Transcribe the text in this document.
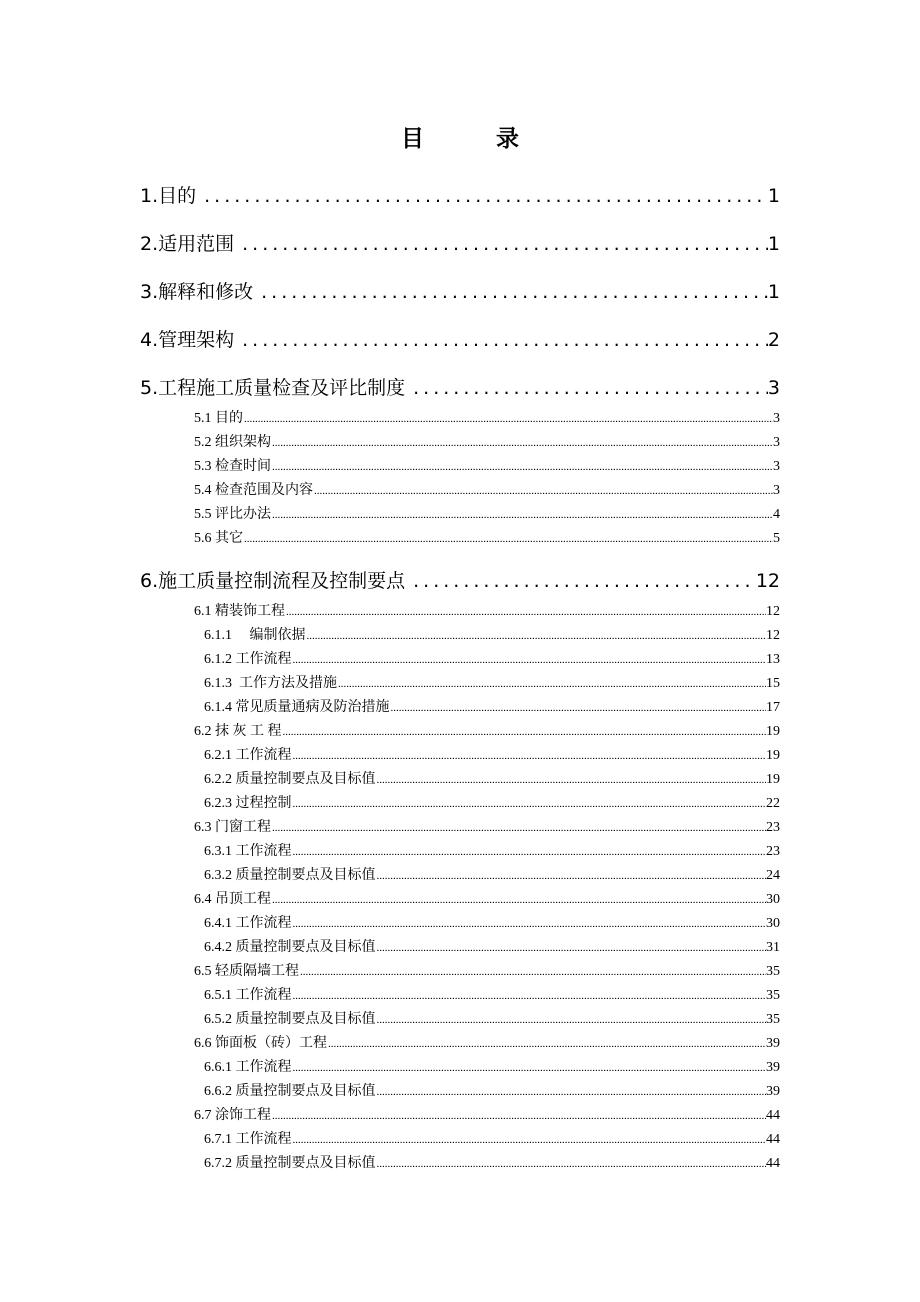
目录
1.目的 .....	1
2.适用范围 .....	1
3.解释和修改 .....	1
4.管理架构 .....	2
5.工程施工质量检查及评比制度 .....	3
5.1 目的 .....	3
5.2 组织架构 .....	3
5.3 检查时间 .....	3
5.4 检查范围及内容 .....	3
5.5 评比办法 .....	4
5.6 其它 .....	5
6.施工质量控制流程及控制要点 .....	12
6.1 精装饰工程 .....	12
6.1.1     编制依据 .....	12
6.1.2 工作流程 .....	13
6.1.3  工作方法及措施 .....	15
6.1.4 常见质量通病及防治措施 .....	17
6.2 抹 灰 工 程 .....	19
6.2.1 工作流程 .....	19
6.2.2 质量控制要点及目标值 .....	19
6.2.3 过程控制 .....	22
6.3 门窗工程 .....	23
6.3.1 工作流程 .....	23
6.3.2 质量控制要点及目标值 .....	24
6.4 吊顶工程 .....	30
6.4.1 工作流程 .....	30
6.4.2 质量控制要点及目标值 .....	31
6.5 轻质隔墙工程 .....	35
6.5.1 工作流程 .....	35
6.5.2 质量控制要点及目标值 .....	35
6.6 饰面板（砖）工程 .....	39
6.6.1 工作流程 .....	39
6.6.2 质量控制要点及目标值 .....	39
6.7 涂饰工程 .....	44
6.7.1 工作流程 .....	44
6.7.2 质量控制要点及目标值 .....	44
